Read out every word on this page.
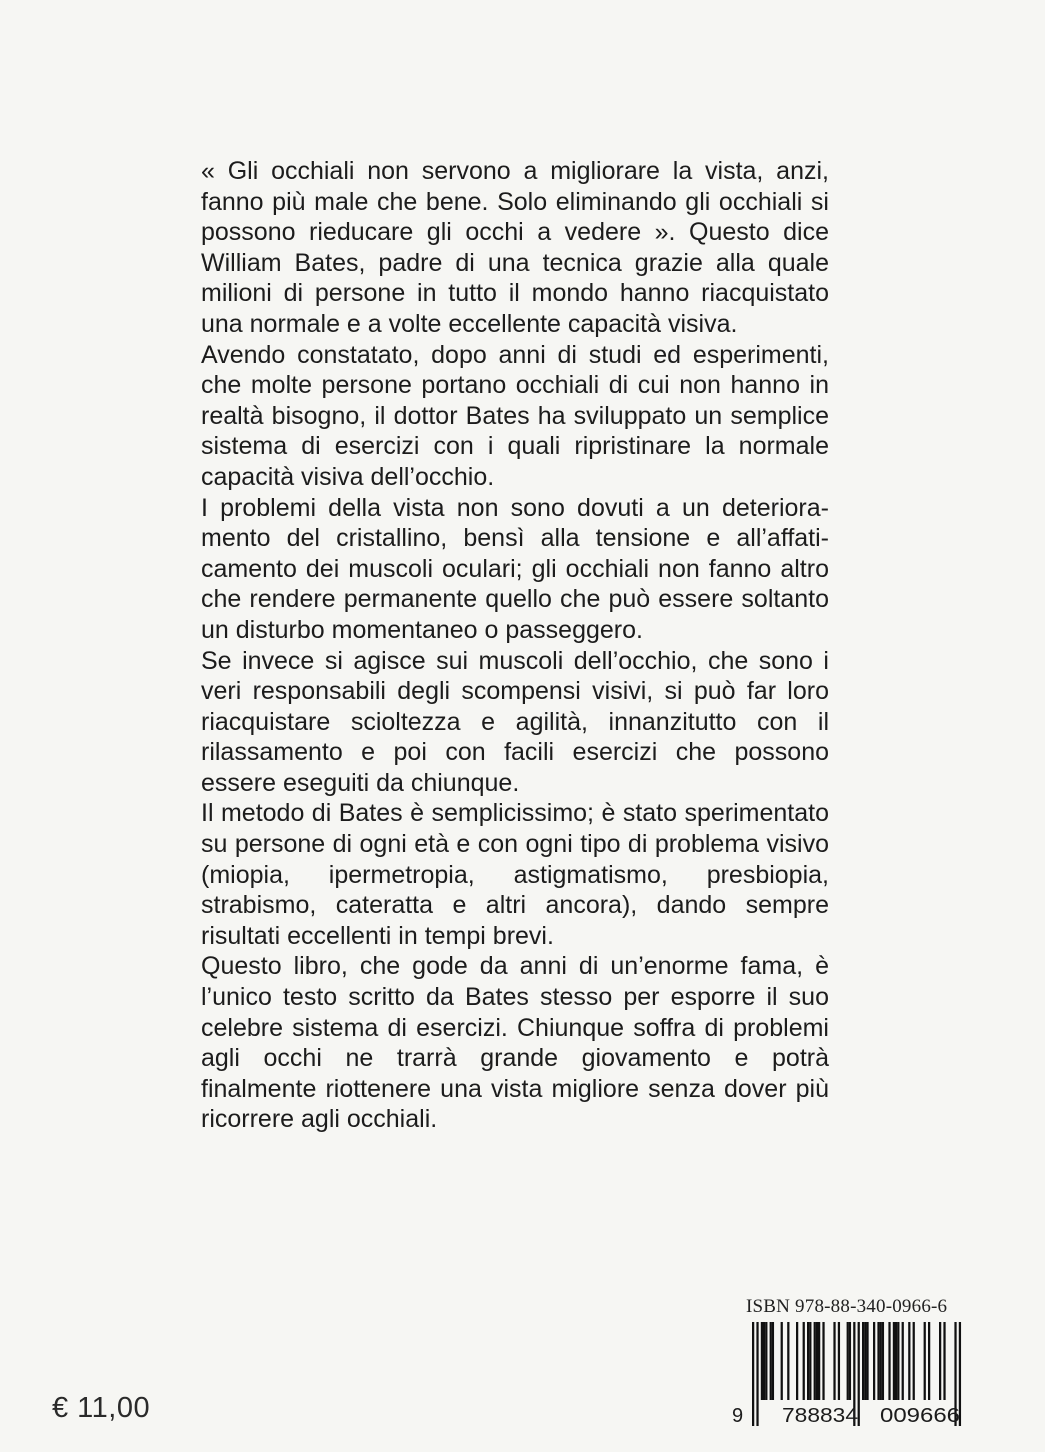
« Gli occhiali non servono a migliorare la vista, anzi, fanno più male che bene. Solo eliminando gli occhiali si possono rieducare gli occhi a vedere ». Questo dice William Bates, padre di una tecnica grazie alla quale milioni di persone in tutto il mondo hanno riacquistato una normale e a volte eccellente capacità visiva.

Avendo constatato, dopo anni di studi ed esperimenti, che molte persone portano occhiali di cui non hanno in realtà bisogno, il dottor Bates ha sviluppato un semplice sistema di esercizi con i quali ripristinare la normale capacità visiva dell’occhio.

I problemi della vista non sono dovuti a un deterioramento del cristallino, bensì alla tensione e all’affaticamento dei muscoli oculari; gli occhiali non fanno altro che rendere permanente quello che può essere soltanto un disturbo momentaneo o passeggero.

Se invece si agisce sui muscoli dell’occhio, che sono i veri responsabili degli scompensi visivi, si può far loro riacquistare scioltezza e agilità, innanzitutto con il rilassamento e poi con facili esercizi che possono essere eseguiti da chiunque.

Il metodo di Bates è semplicissimo; è stato sperimentato su persone di ogni età e con ogni tipo di problema visivo (miopia, ipermetropia, astigmatismo, presbiopia, strabismo, cateratta e altri ancora), dando sempre risultati eccellenti in tempi brevi.

Questo libro, che gode da anni di un’enorme fama, è l’unico testo scritto da Bates stesso per esporre il suo celebre sistema di esercizi. Chiunque soffra di problemi agli occhi ne trarrà grande giovamento e potrà finalmente riottenere una vista migliore senza dover più ricorrere agli occhiali.

ISBN 978-88-340-0966-6
9 788834 009666
€ 11,00
